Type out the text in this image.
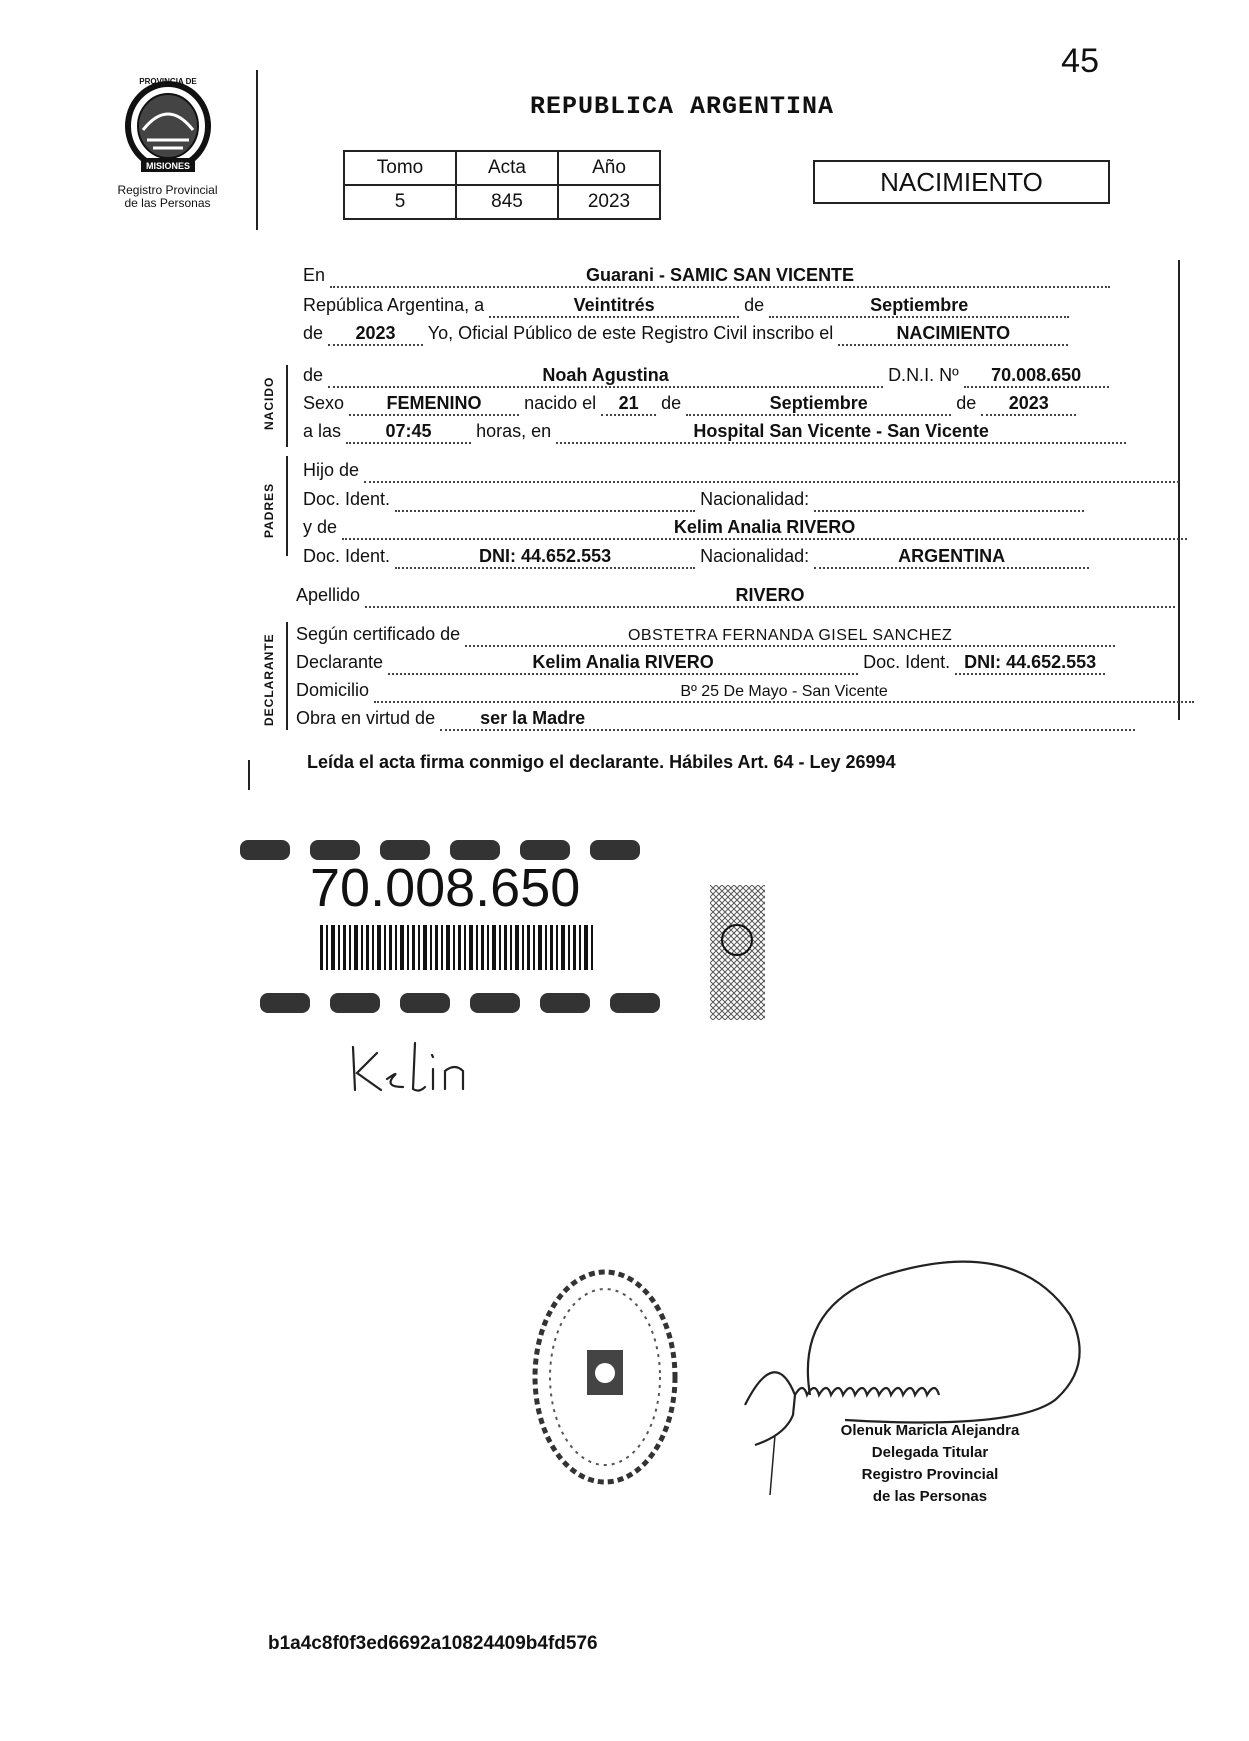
45
MISIONES
PROVINCIA DE
Registro Provincial
de las Personas
REPUBLICA ARGENTINA
Tomo	Acta	Año
5	845	2023
NACIMIENTO
NACIDO
PADRES
DECLARANTE
En	Guarani - SAMIC SAN VICENTE
República Argentina, a	Veintitrés	de	Septiembre
de 2023 Yo, Oficial Público de este Registro Civil inscribo el	NACIMIENTO
de	Noah Agustina	D.N.I. Nº 70.008.650
Sexo FEMENINO nacido el 21 de	Septiembre	de 2023
a las 07:45 horas, en	Hospital San Vicente - San Vicente
Hijo de
Doc. Ident.	Nacionalidad:
y de	Kelim Analia RIVERO
Doc. Ident.	DNI: 44.652.553	Nacionalidad:	ARGENTINA
Apellido	RIVERO
Según certificado de	OBSTETRA FERNANDA GISEL SANCHEZ
Declarante	Kelim Analia RIVERO	Doc. Ident. DNI: 44.652.553
Domicilio	Bº 25 De Mayo - San Vicente
Obra en virtud de	ser la Madre
Leída el acta firma conmigo el declarante. Hábiles Art. 64 - Ley 26994
70.008.650
Olenuk Maricla Alejandra
Delegada Titular
Registro Provincial
de las Personas
b1a4c8f0f3ed6692a10824409b4fd576
